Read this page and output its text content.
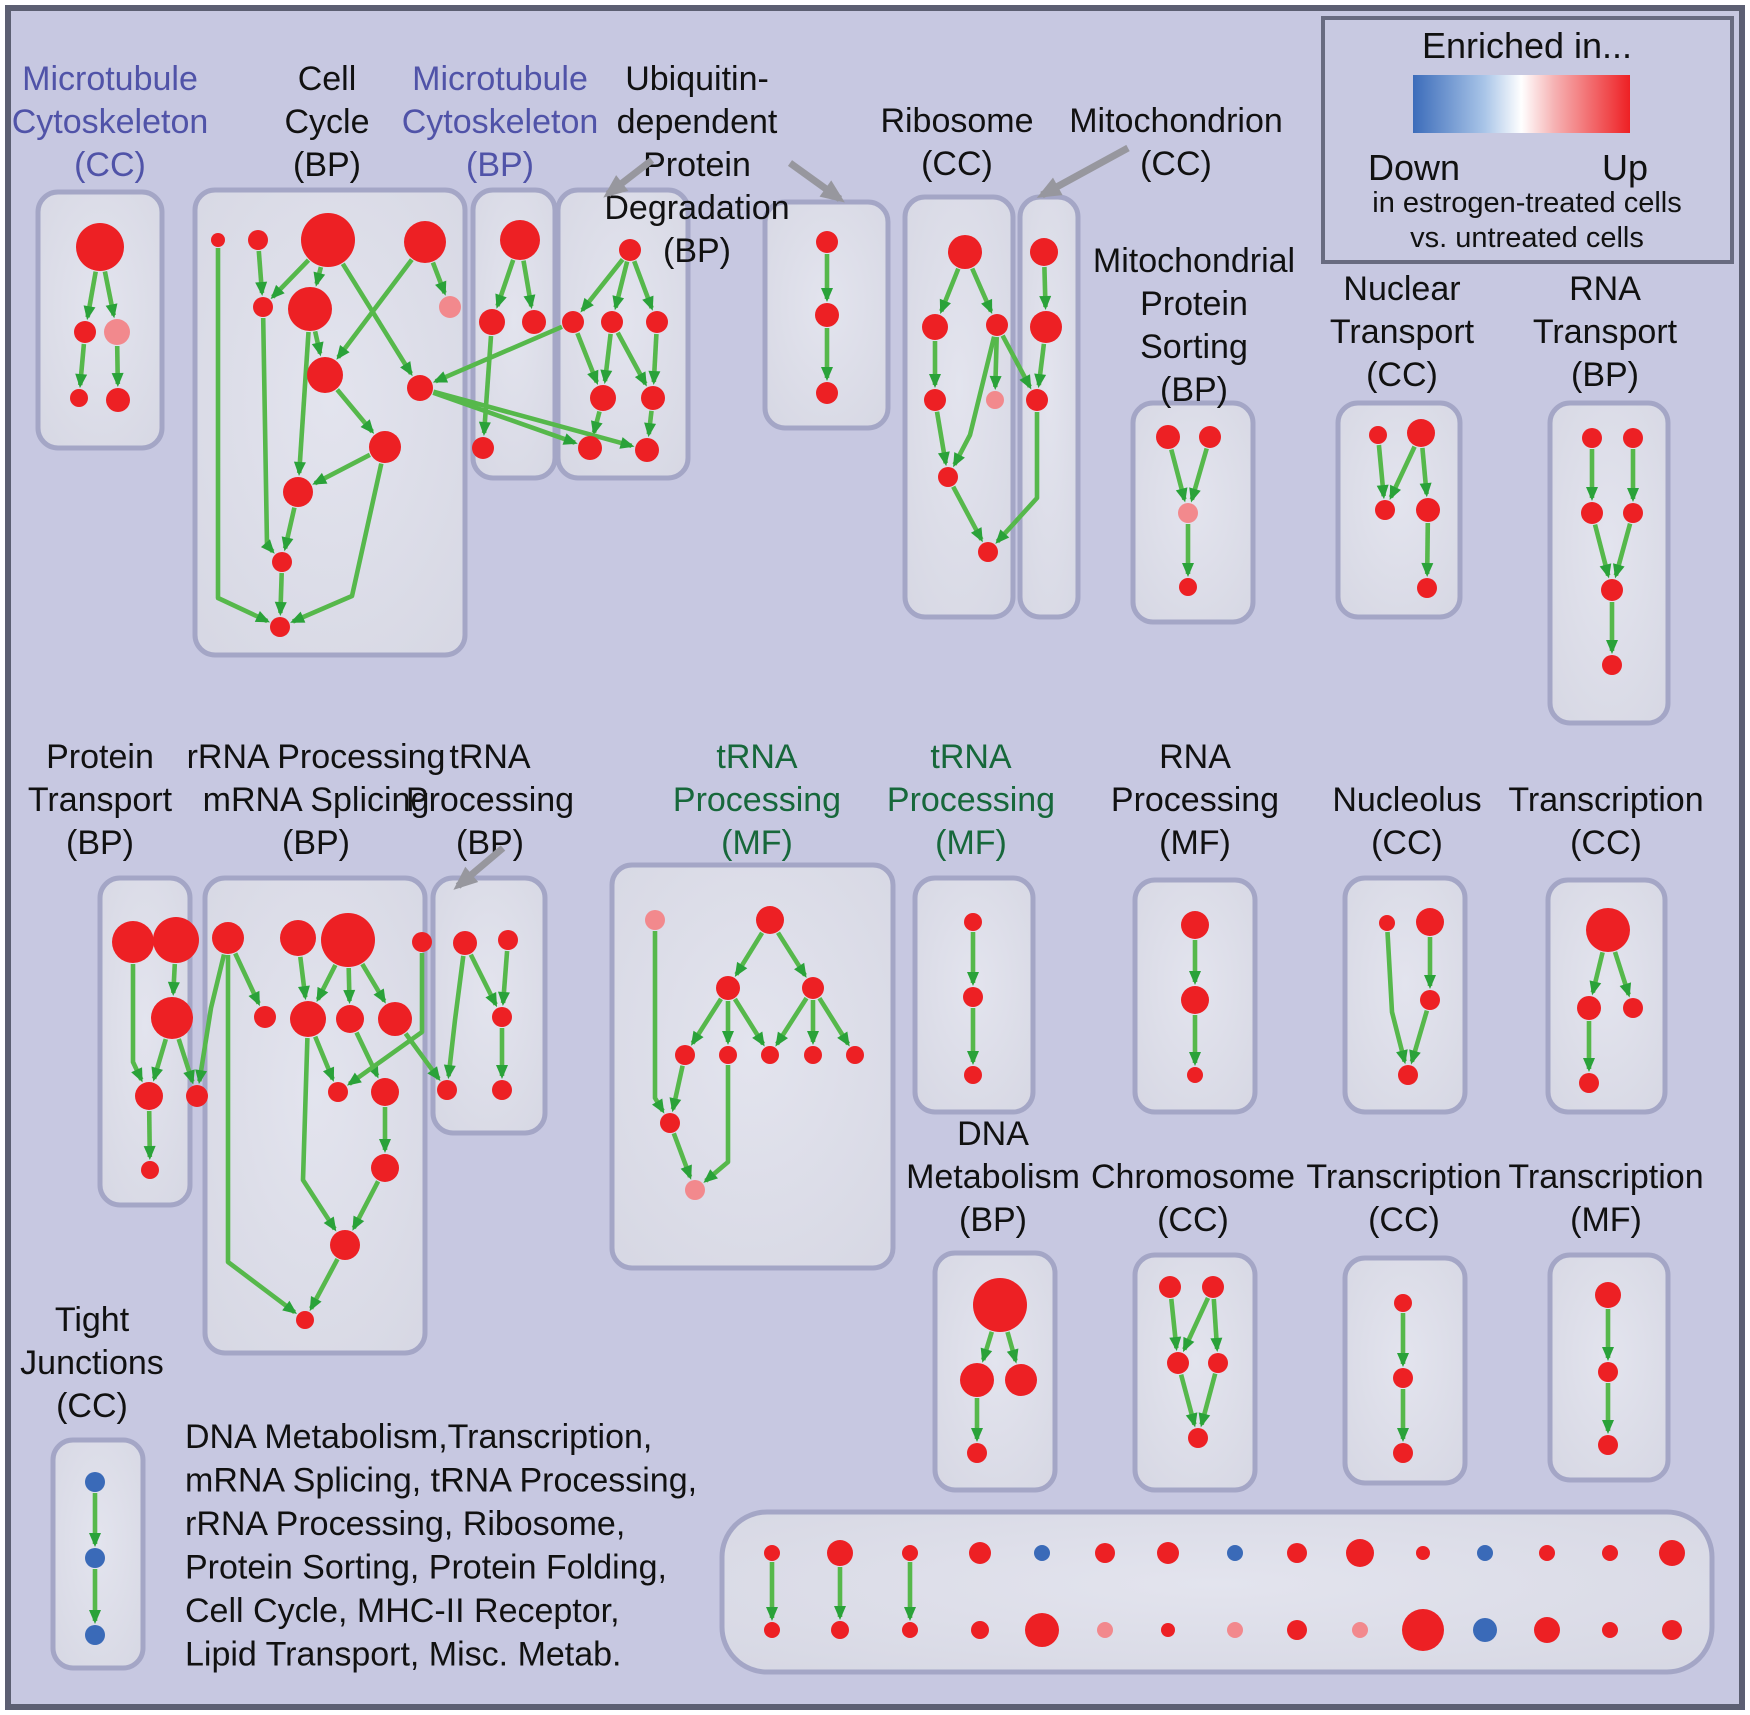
Microtubule
Cytoskeleton
(CC)
Cell
Cycle
(BP)
Microtubule
Cytoskeleton
(BP)
Ubiquitin-
dependent
Protein
Degradation
(BP)
Ribosome
(CC)
Mitochondrion
(CC)
Mitochondrial
Protein
Sorting
(BP)
Nuclear
Transport
(CC)
RNA
Transport
(BP)
Protein
Transport
(BP)
rRNA Processing
mRNA Splicing
(BP)
tRNA
Processing
(BP)
tRNA
Processing
(MF)
tRNA
Processing
(MF)
RNA
Processing
(MF)
Nucleolus
(CC)
Transcription
(CC)
DNA
Metabolism
(BP)
Chromosome
(CC)
Transcription
(CC)
Transcription
(MF)
Tight
Junctions
(CC)
DNA Metabolism,Transcription,
mRNA Splicing, tRNA Processing,
rRNA Processing, Ribosome,
Protein Sorting, Protein Folding,
Cell Cycle, MHC-II Receptor,
Lipid Transport, Misc. Metab.
Enriched in...
Down	Up
in estrogen-treated cells
vs. untreated cells
